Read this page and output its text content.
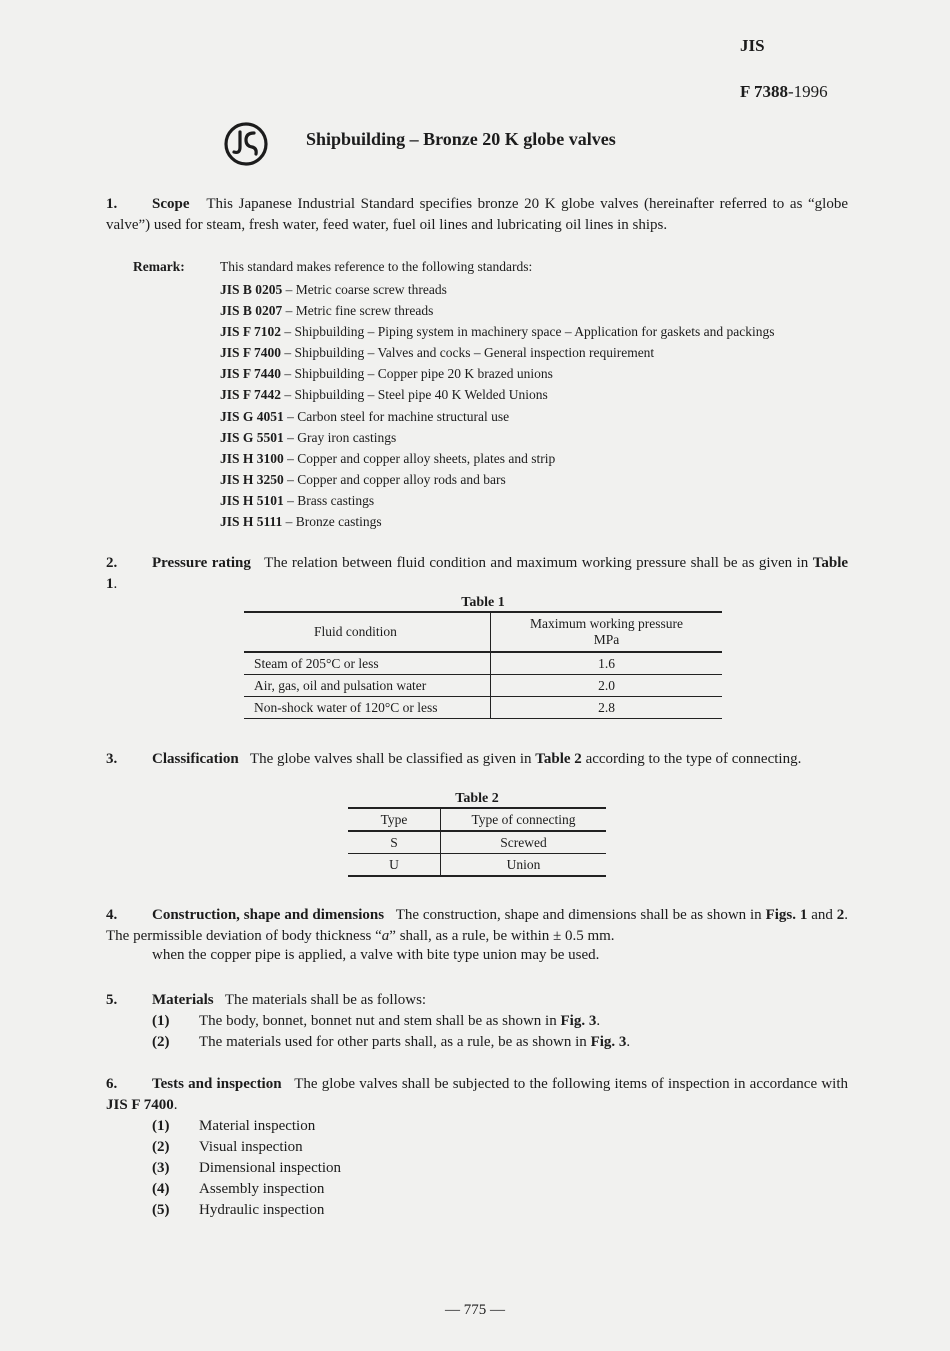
JIS
F 7388-1996
Shipbuilding – Bronze 20 K globe valves
1. Scope This Japanese Industrial Standard specifies bronze 20 K globe valves (hereinafter referred to as “globe valve”) used for steam, fresh water, feed water, fuel oil lines and lubricating oil lines in ships.
Remark:	This standard makes reference to the following standards:
JIS B 0205 – Metric coarse screw threads
JIS B 0207 – Metric fine screw threads
JIS F 7102 – Shipbuilding – Piping system in machinery space – Application for gaskets and packings
JIS F 7400 – Shipbuilding – Valves and cocks – General inspection requirement
JIS F 7440 – Shipbuilding – Copper pipe 20 K brazed unions
JIS F 7442 – Shipbuilding – Steel pipe 40 K Welded Unions
JIS G 4051 – Carbon steel for machine structural use
JIS G 5501 – Gray iron castings
JIS H 3100 – Copper and copper alloy sheets, plates and strip
JIS H 3250 – Copper and copper alloy rods and bars
JIS H 5101 – Brass castings
JIS H 5111 – Bronze castings
2. Pressure rating The relation between fluid condition and maximum working pressure shall be as given in Table 1.
Table 1
Fluid condition	Maximum working pressure
MPa

Steam of 205°C or less	1.6
Air, gas, oil and pulsation water	2.0
Non-shock water of 120°C or less	2.8
3. Classification The globe valves shall be classified as given in Table 2 according to the type of connecting.
Table 2
Type	Type of connecting
S	Screwed
U	Union
4. Construction, shape and dimensions The construction, shape and dimensions shall be as shown in Figs. 1 and 2. The permissible deviation of body thickness “a” shall, as a rule, be within ± 0.5 mm.
when the copper pipe is applied, a valve with bite type union may be used.
5. Materials The materials shall be as follows:
(1) The body, bonnet, bonnet nut and stem shall be as shown in Fig. 3.
(2) The materials used for other parts shall, as a rule, be as shown in Fig. 3.
6. Tests and inspection The globe valves shall be subjected to the following items of inspection in accordance with JIS F 7400.
(1) Material inspection
(2) Visual inspection
(3) Dimensional inspection
(4) Assembly inspection
(5) Hydraulic inspection
— 775 —
